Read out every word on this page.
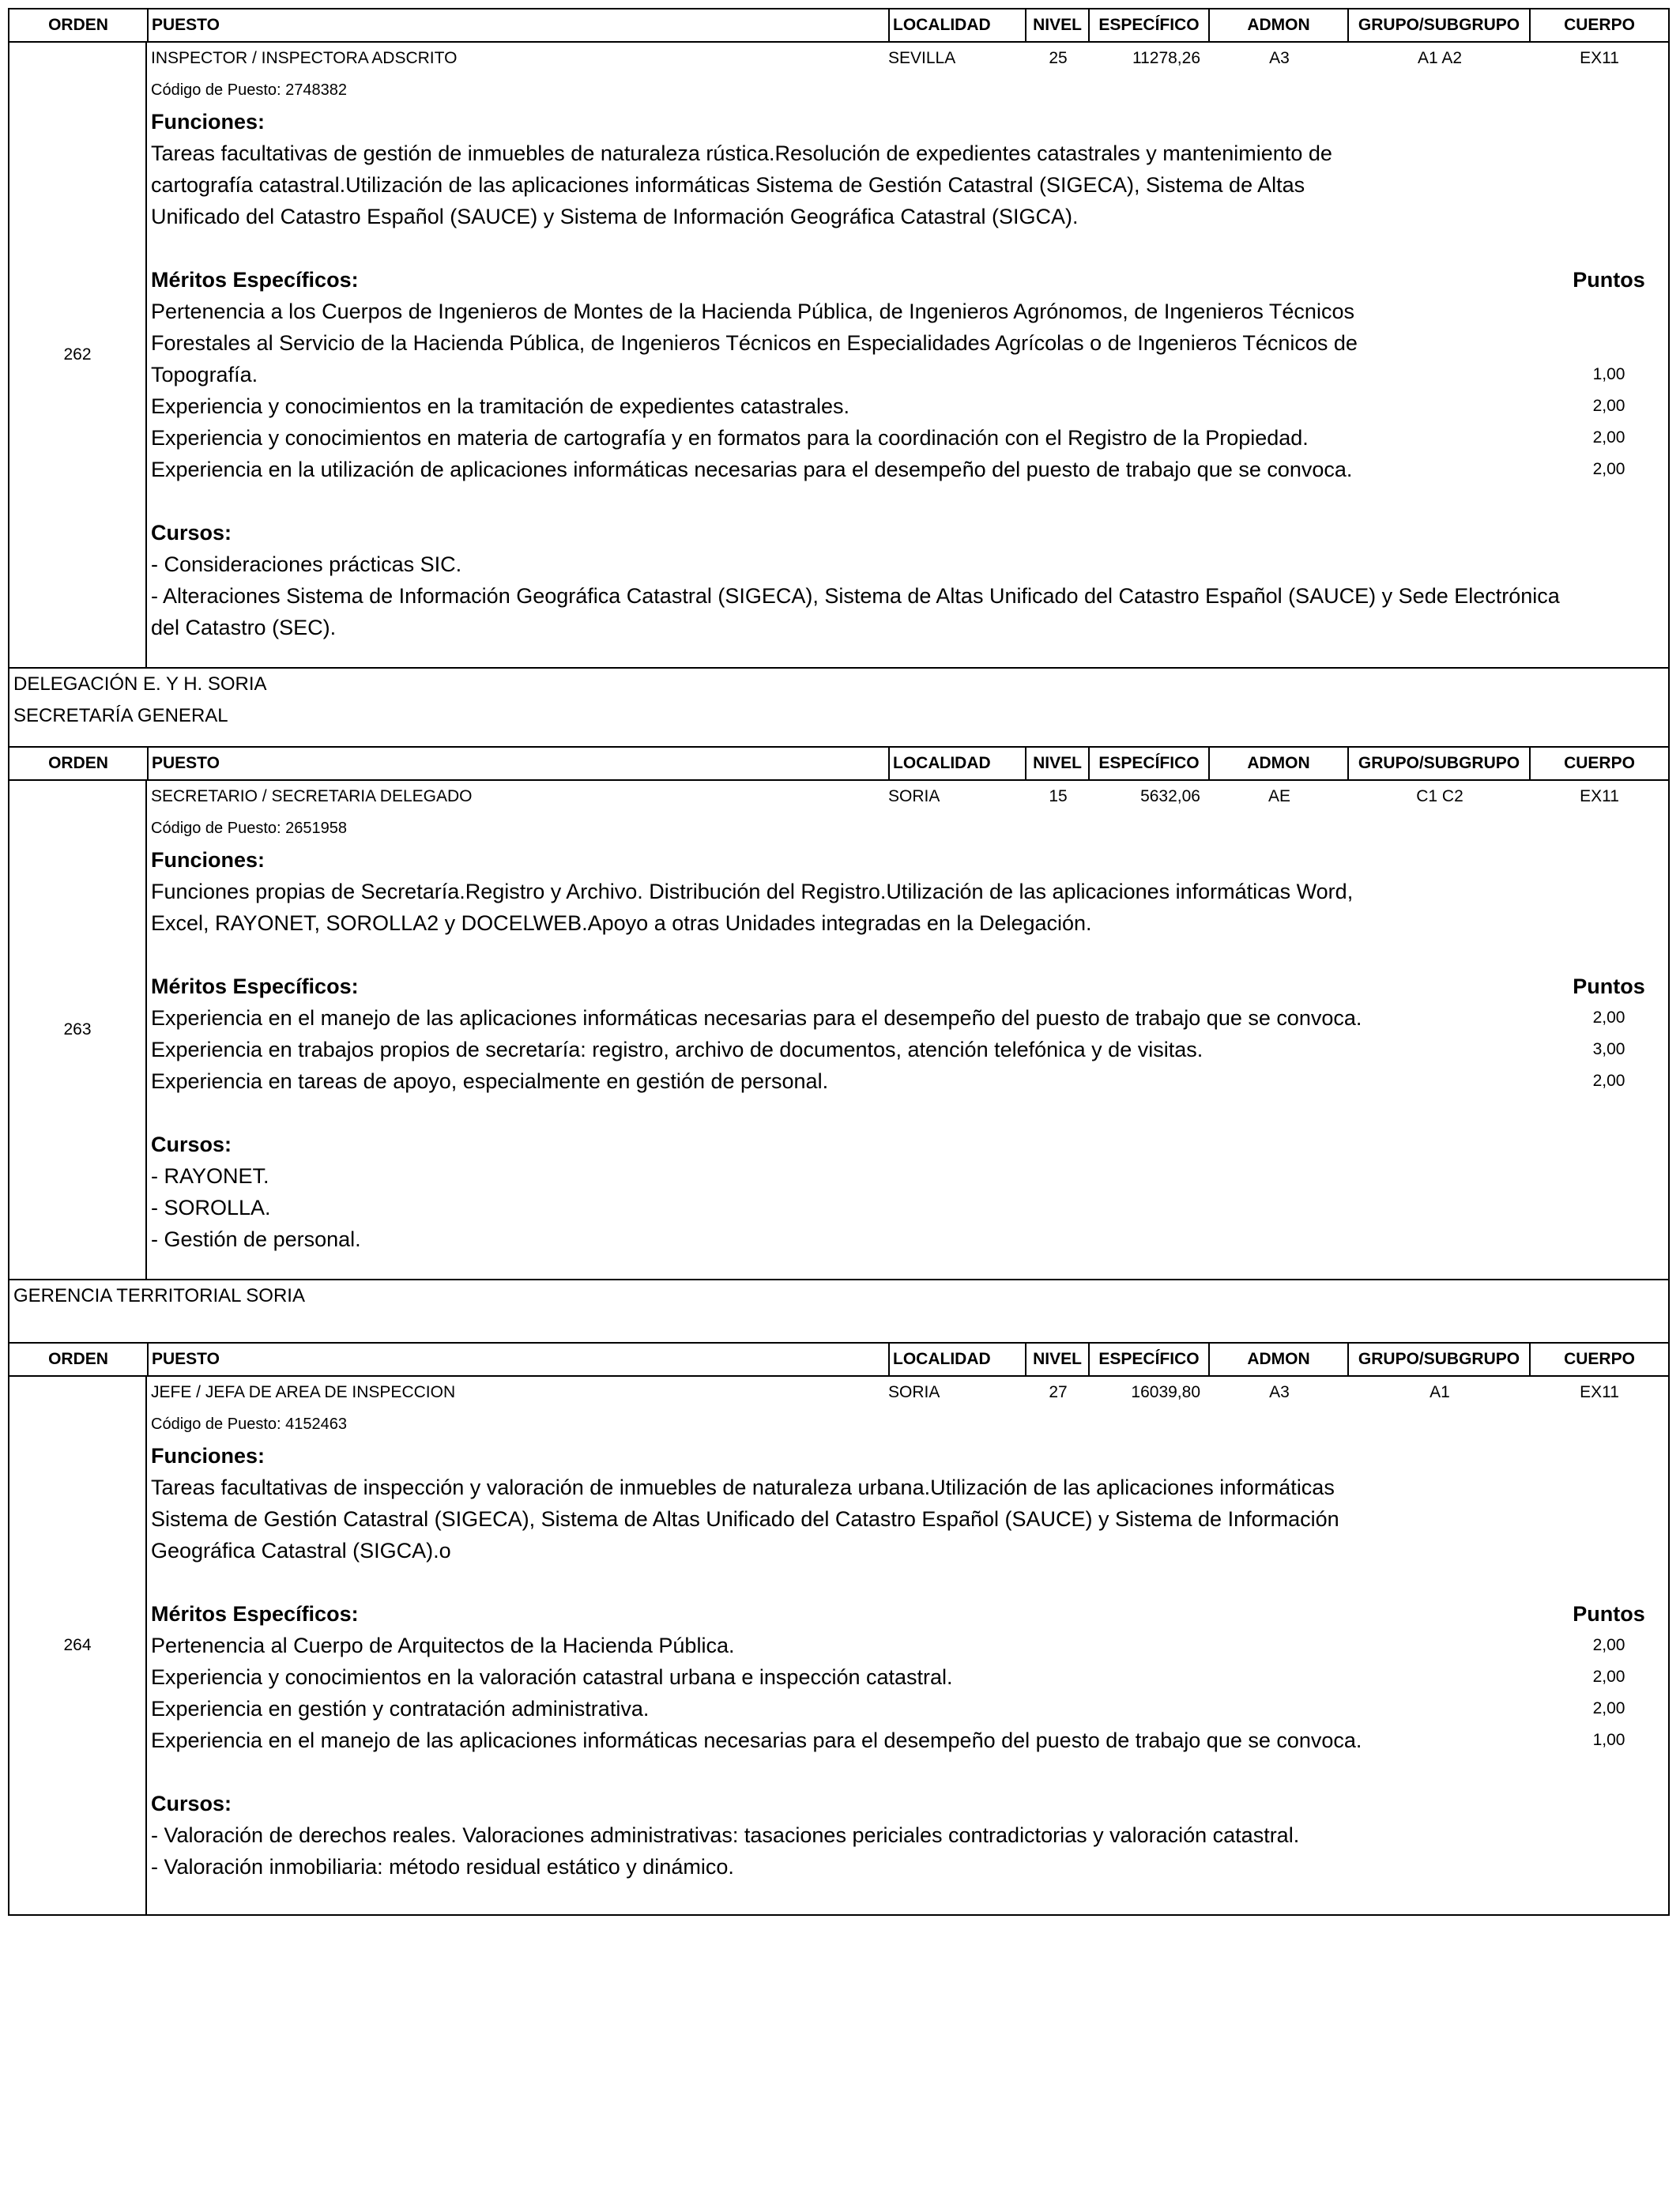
ORDEN	PUESTO	LOCALIDAD	NIVEL	ESPECÍFICO	ADMON	GRUPO/SUBGRUPO	CUERPO
262
INSPECTOR / INSPECTORA ADSCRITO	SEVILLA	25	11278,26	A3	A1 A2	EX11
Código de Puesto: 2748382
Funciones:
Tareas facultativas de gestión de inmuebles de naturaleza rústica.Resolución de expedientes catastrales y mantenimiento de cartografía catastral.Utilización de las aplicaciones informáticas Sistema de Gestión Catastral (SIGECA), Sistema de Altas Unificado del Catastro Español (SAUCE) y Sistema de Información Geográfica Catastral (SIGCA).
Méritos Específicos:	Puntos
Pertenencia a los Cuerpos de Ingenieros de Montes de la Hacienda Pública, de Ingenieros Agrónomos, de Ingenieros Técnicos Forestales al Servicio de la Hacienda Pública, de Ingenieros Técnicos en Especialidades Agrícolas o de Ingenieros Técnicos de Topografía.	1,00
Experiencia y conocimientos en la tramitación de expedientes catastrales.	2,00
Experiencia y conocimientos en materia de cartografía y en formatos para la coordinación con el Registro de la Propiedad.	2,00
Experiencia en la utilización de aplicaciones informáticas necesarias para el desempeño del puesto de trabajo que se convoca.	2,00
Cursos:
- Consideraciones prácticas SIC.
- Alteraciones Sistema de Información Geográfica Catastral (SIGECA), Sistema de Altas Unificado del Catastro Español (SAUCE) y Sede Electrónica del Catastro (SEC).
DELEGACIÓN E. Y H. SORIA
SECRETARÍA GENERAL
ORDEN	PUESTO	LOCALIDAD	NIVEL	ESPECÍFICO	ADMON	GRUPO/SUBGRUPO	CUERPO
263
SECRETARIO / SECRETARIA DELEGADO	SORIA	15	5632,06	AE	C1 C2	EX11
Código de Puesto: 2651958
Funciones:
Funciones propias de Secretaría.Registro y Archivo. Distribución del Registro.Utilización de las aplicaciones informáticas Word, Excel, RAYONET, SOROLLA2 y DOCELWEB.Apoyo a otras Unidades integradas en la Delegación.
Méritos Específicos:	Puntos
Experiencia en el manejo de las aplicaciones informáticas necesarias para el desempeño del puesto de trabajo que se convoca.	2,00
Experiencia en trabajos propios de secretaría: registro, archivo de documentos, atención telefónica y de visitas.	3,00
Experiencia en tareas de apoyo, especialmente en gestión de personal.	2,00
Cursos:
- RAYONET.
- SOROLLA.
- Gestión de personal.
GERENCIA TERRITORIAL SORIA
ORDEN	PUESTO	LOCALIDAD	NIVEL	ESPECÍFICO	ADMON	GRUPO/SUBGRUPO	CUERPO
264
JEFE / JEFA DE AREA DE INSPECCION	SORIA	27	16039,80	A3	A1	EX11
Código de Puesto: 4152463
Funciones:
Tareas facultativas de inspección y valoración de inmuebles de naturaleza urbana.Utilización de las aplicaciones informáticas Sistema de Gestión Catastral (SIGECA), Sistema de Altas Unificado del Catastro Español (SAUCE) y Sistema de Información Geográfica Catastral (SIGCA).o
Méritos Específicos:	Puntos
Pertenencia al Cuerpo de Arquitectos de la Hacienda Pública.	2,00
Experiencia y conocimientos en la valoración catastral urbana e inspección catastral.	2,00
Experiencia en gestión y contratación administrativa.	2,00
Experiencia en el manejo de las aplicaciones informáticas necesarias para el desempeño del puesto de trabajo que se convoca.	1,00
Cursos:
- Valoración de derechos reales. Valoraciones administrativas: tasaciones periciales contradictorias y valoración catastral.
- Valoración inmobiliaria: método residual estático y dinámico.
